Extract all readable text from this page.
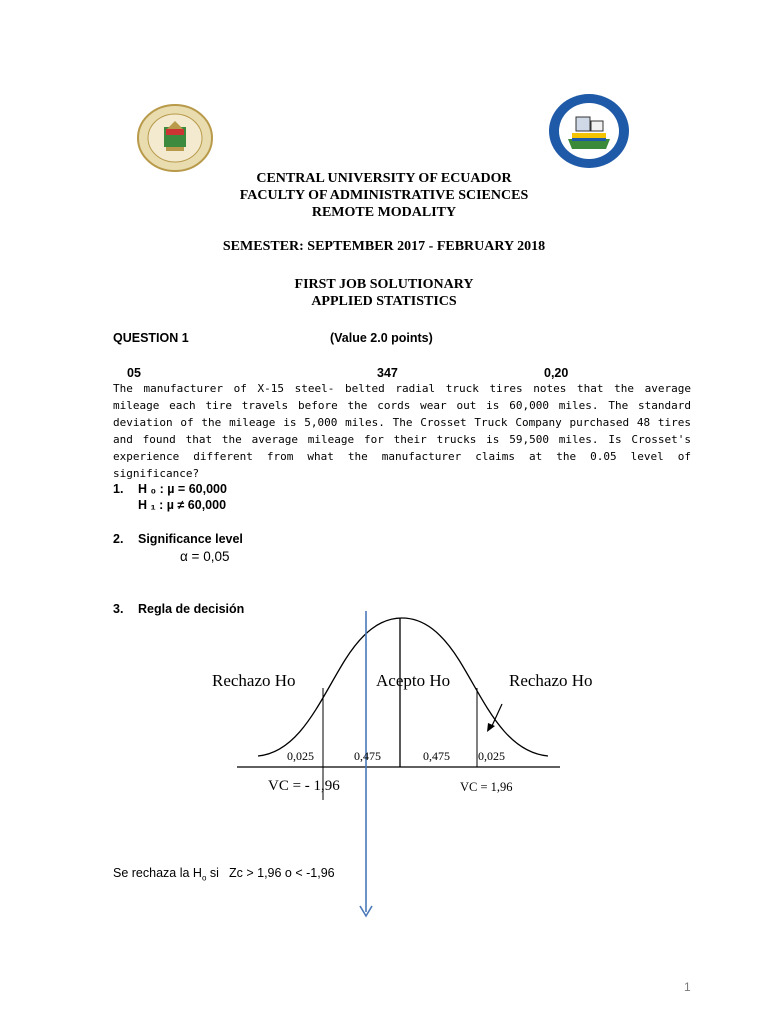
CENTRAL UNIVERSITY OF ECUADOR
FACULTY OF ADMINISTRATIVE SCIENCES
REMOTE MODALITY
SEMESTER: SEPTEMBER 2017 - FEBRUARY 2018
FIRST JOB SOLUTIONARY
APPLIED STATISTICS
QUESTION 1	(Value 2.0 points)
05	347	0,20
The manufacturer of X-15 steel- belted radial truck tires notes that the average mileage each tire travels before the cords wear out is 60,000 miles. The standard deviation of the mileage is 5,000 miles. The Crosset Truck Company purchased 48 tires and found that the average mileage for their trucks is 59,500 miles. Is Crosset's experience different from what the manufacturer claims at the 0.05 level of significance?
1. H ₀ : µ = 60,000
H ₁ : µ ≠ 60,000
2. Significance level
α = 0,05
3. Regla de decisión
Rechazo Ho	Acepto Ho	Rechazo Ho
0,025	0,475	0,475 0,025
VC = - 1,96	VC = 1,96
Se rechaza la $H_o$ si Zc > 1,96 o < -1,96
1
